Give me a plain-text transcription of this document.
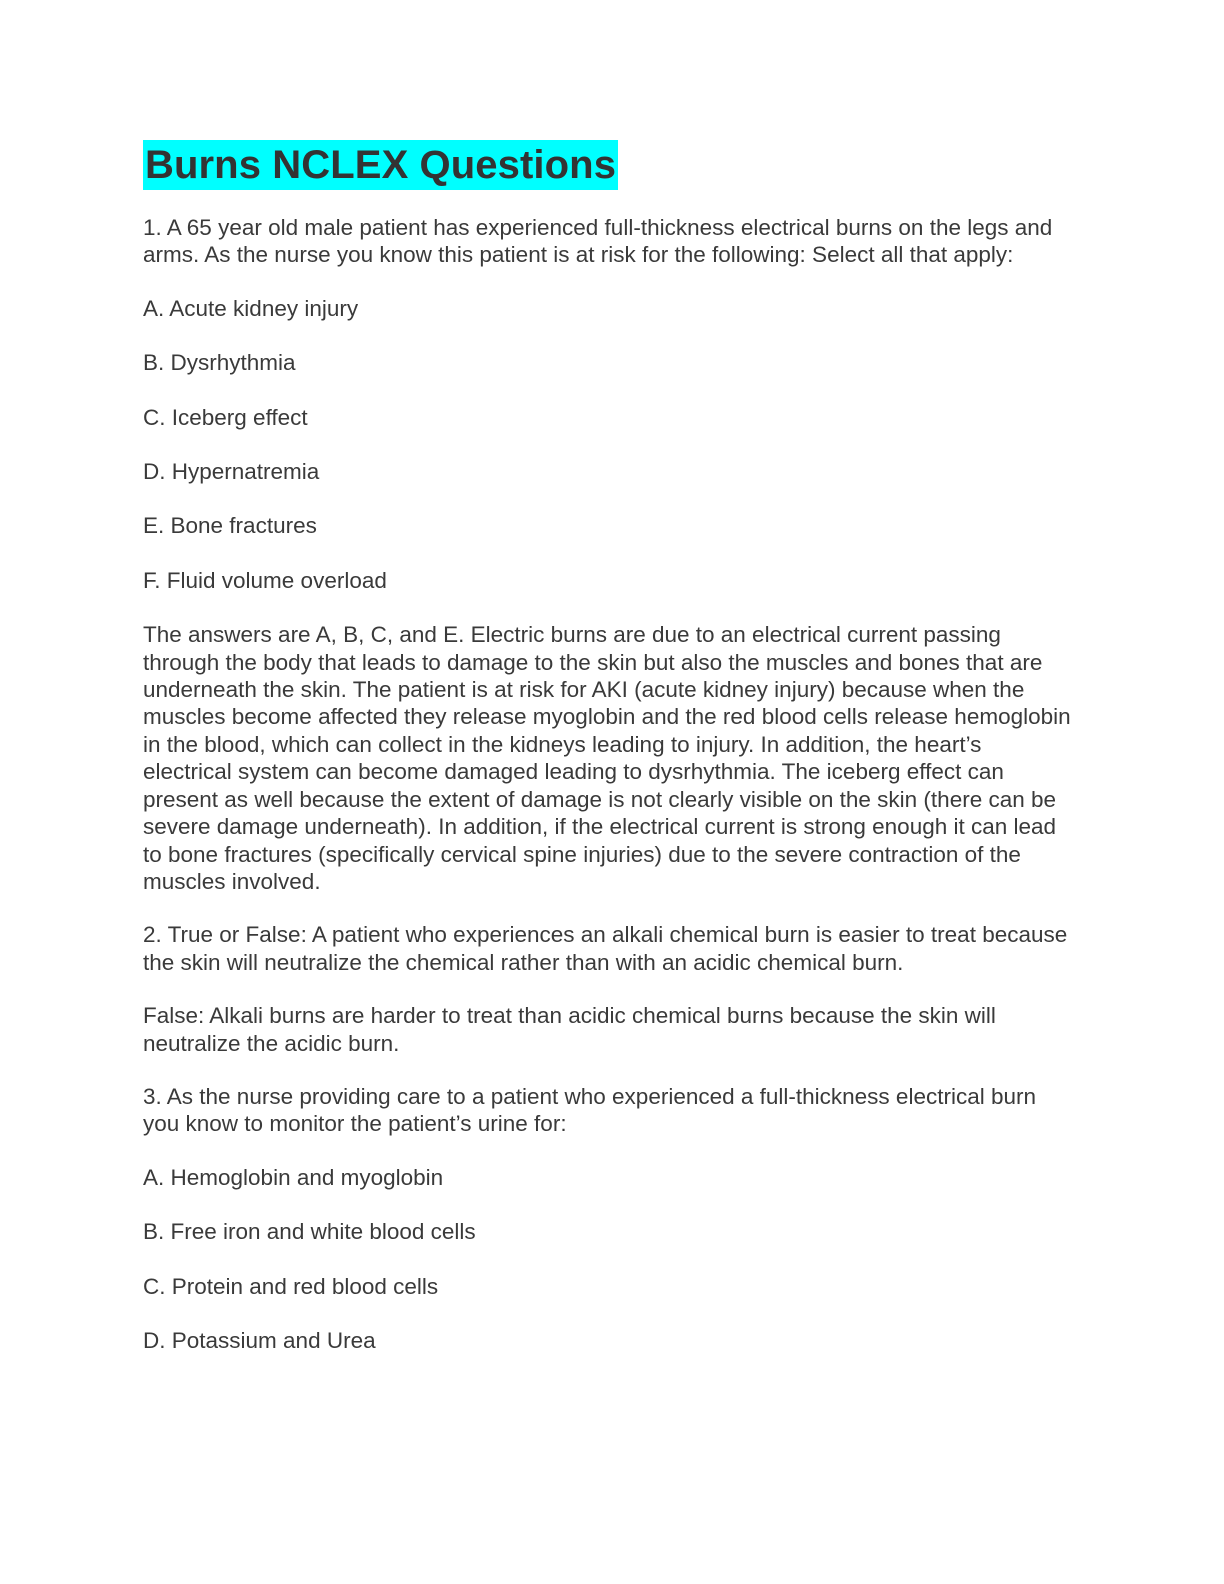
Burns NCLEX Questions

1. A 65 year old male patient has experienced full-thickness electrical burns on the legs and arms. As the nurse you know this patient is at risk for the following: Select all that apply:

A. Acute kidney injury

B. Dysrhythmia

C. Iceberg effect

D. Hypernatremia

E. Bone fractures

F. Fluid volume overload

The answers are A, B, C, and E. Electric burns are due to an electrical current passing through the body that leads to damage to the skin but also the muscles and bones that are underneath the skin. The patient is at risk for AKI (acute kidney injury) because when the muscles become affected they release myoglobin and the red blood cells release hemoglobin in the blood, which can collect in the kidneys leading to injury. In addition, the heart’s electrical system can become damaged leading to dysrhythmia. The iceberg effect can present as well because the extent of damage is not clearly visible on the skin (there can be severe damage underneath). In addition, if the electrical current is strong enough it can lead to bone fractures (specifically cervical spine injuries) due to the severe contraction of the muscles involved.

2. True or False: A patient who experiences an alkali chemical burn is easier to treat because the skin will neutralize the chemical rather than with an acidic chemical burn.

False: Alkali burns are harder to treat than acidic chemical burns because the skin will neutralize the acidic burn.

3. As the nurse providing care to a patient who experienced a full-thickness electrical burn you know to monitor the patient’s urine for:

A. Hemoglobin and myoglobin

B. Free iron and white blood cells

C. Protein and red blood cells

D. Potassium and Urea
